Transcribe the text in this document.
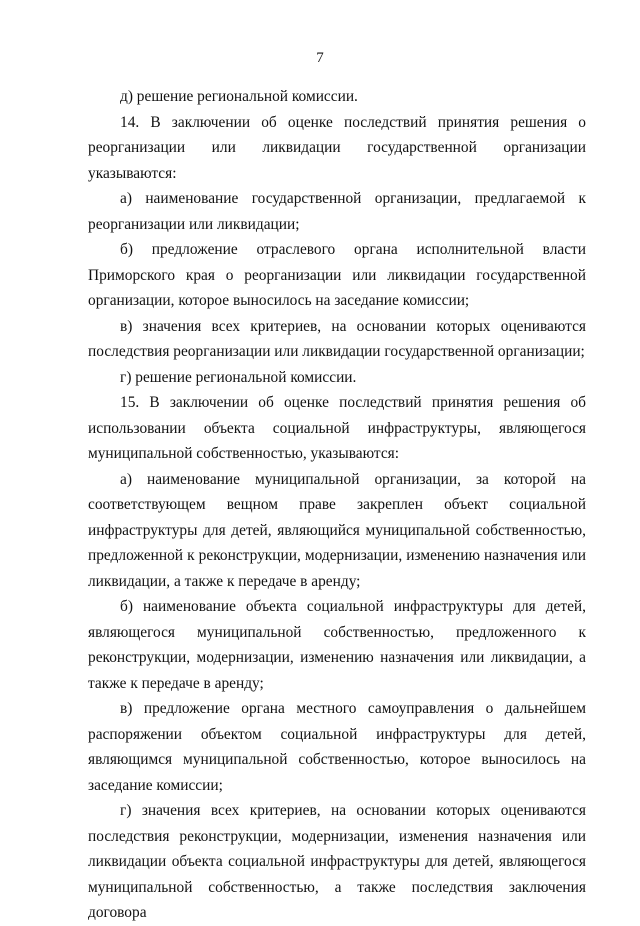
7

д) решение региональной комиссии.

14. В заключении об оценке последствий принятия решения о реорганизации или ликвидации государственной организации указываются:

а) наименование государственной организации, предлагаемой к реорганизации или ликвидации;

б) предложение отраслевого органа исполнительной власти Приморского края о реорганизации или ликвидации государственной организации, которое выносилось на заседание комиссии;

в) значения всех критериев, на основании которых оцениваются последствия реорганизации или ликвидации государственной организации;

г) решение региональной комиссии.

15. В заключении об оценке последствий принятия решения об использовании объекта социальной инфраструктуры, являющегося муниципальной собственностью, указываются:

а) наименование муниципальной организации, за которой на соответствующем вещном праве закреплен объект социальной инфраструктуры для детей, являющийся муниципальной собственностью, предложенной к реконструкции, модернизации, изменению назначения или ликвидации, а также к передаче в аренду;

б) наименование объекта социальной инфраструктуры для детей, являющегося муниципальной собственностью, предложенного к реконструкции, модернизации, изменению назначения или ликвидации, а также к передаче в аренду;

в) предложение органа местного самоуправления о дальнейшем распоряжении объектом социальной инфраструктуры для детей, являющимся муниципальной собственностью, которое выносилось на заседание комиссии;

г) значения всех критериев, на основании которых оцениваются последствия реконструкции, модернизации, изменения назначения или ликвидации объекта социальной инфраструктуры для детей, являющегося муниципальной собственностью, а также последствия заключения договора
